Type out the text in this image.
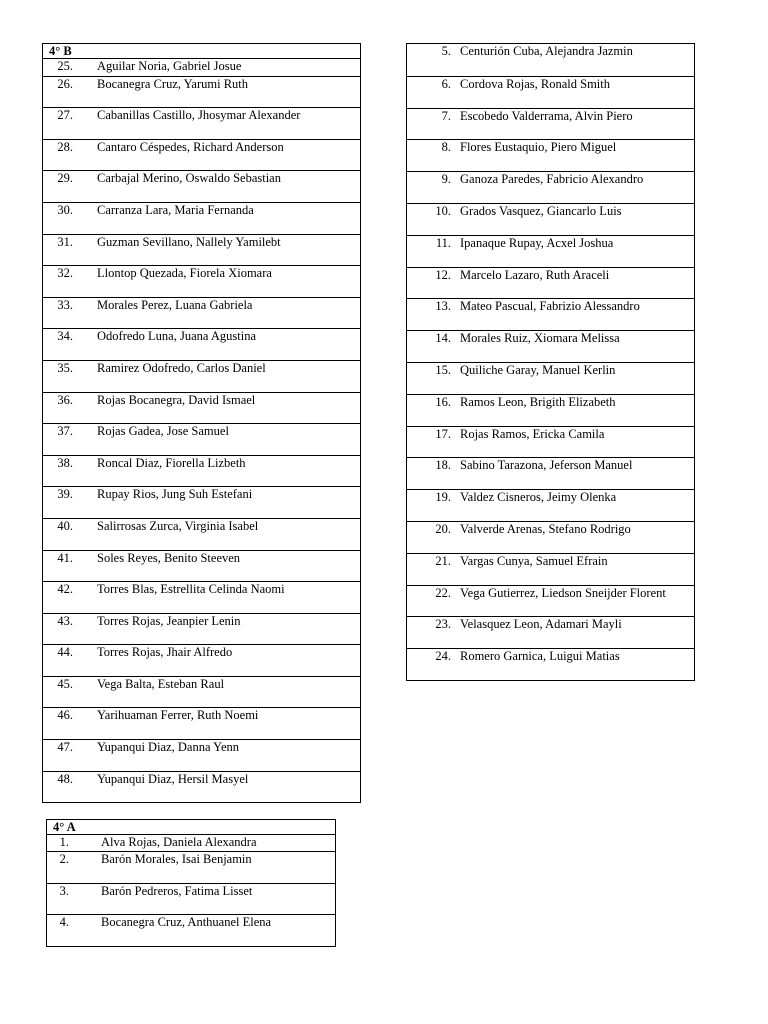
4° B
25. Aguilar Noria, Gabriel Josue
26. Bocanegra Cruz, Yarumi Ruth
27. Cabanillas Castillo, Jhosymar Alexander
28. Cantaro Céspedes, Richard Anderson
29. Carbajal Merino, Oswaldo Sebastian
30. Carranza Lara, Maria Fernanda
31. Guzman Sevillano, Nallely Yamilebt
32. Llontop Quezada, Fiorela Xiomara
33. Morales Perez, Luana Gabriela
34. Odofredo Luna, Juana Agustina
35. Ramirez Odofredo, Carlos Daniel
36. Rojas Bocanegra, David Ismael
37. Rojas Gadea, Jose Samuel
38. Roncal Diaz, Fiorella Lizbeth
39. Rupay Rios, Jung Suh Estefani
40. Salirrosas Zurca, Virginia Isabel
41. Soles Reyes, Benito Steeven
42. Torres Blas, Estrellita Celinda Naomi
43. Torres Rojas, Jeanpier Lenin
44. Torres Rojas, Jhair Alfredo
45. Vega Balta, Esteban Raul
46. Yarihuaman Ferrer, Ruth Noemi
47. Yupanqui Diaz, Danna Yenn
48. Yupanqui Diaz, Hersil Masyel
4° A
1.	Alva Rojas, Daniela Alexandra
2.	Barón Morales, Isai Benjamin
3.	Barón Pedreros, Fatima Lisset
4.	Bocanegra Cruz, Anthuanel Elena
5. Centurión Cuba, Alejandra Jazmin
6. Cordova Rojas, Ronald Smith
7. Escobedo Valderrama, Alvin Piero
8. Flores Eustaquio, Piero Miguel
9. Ganoza Paredes, Fabricio Alexandro
10. Grados Vasquez, Giancarlo Luis
11. Ipanaque Rupay, Acxel Joshua
12. Marcelo Lazaro, Ruth Araceli
13. Mateo Pascual, Fabrizio Alessandro
14. Morales Ruiz, Xiomara Melissa
15. Quiliche Garay, Manuel Kerlin
16. Ramos Leon, Brigith Elizabeth
17. Rojas Ramos, Ericka Camila
18. Sabino Tarazona, Jeferson Manuel
19. Valdez Cisneros, Jeimy Olenka
20. Valverde Arenas, Stefano Rodrigo
21. Vargas Cunya, Samuel Efrain
22. Vega Gutierrez, Liedson Sneijder Florent
23. Velasquez Leon, Adamari Mayli
24. Romero Garnica, Luigui Matias
